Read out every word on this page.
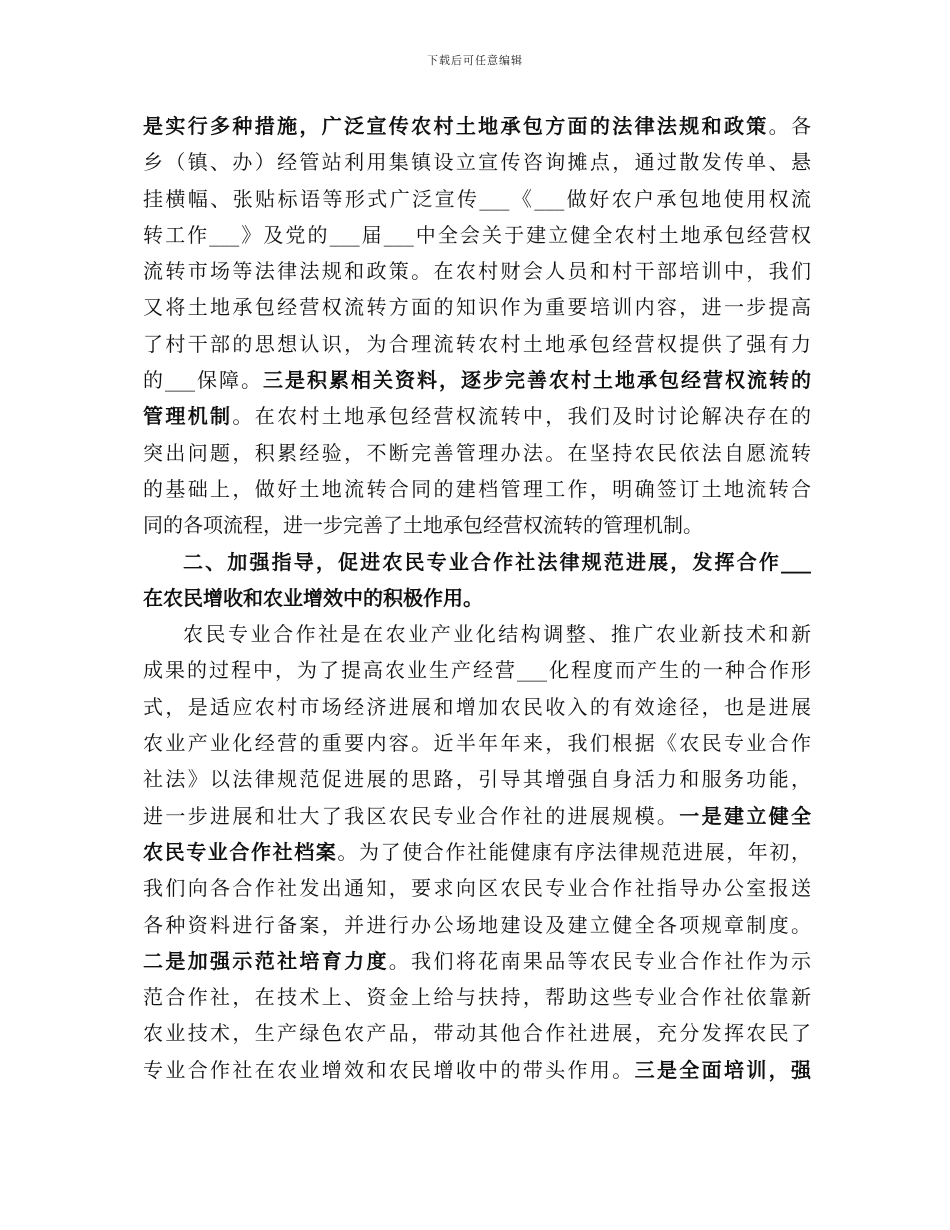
下载后可任意编辑
是实行多种措施，广泛宣传农村土地承包方面的法律法规和政策。各
乡（镇、办）经管站利用集镇设立宣传咨询摊点，通过散发传单、悬
挂横幅、张贴标语等形式广泛宣传___《___做好农户承包地使用权流
转工作___》及党的___届___中全会关于建立健全农村土地承包经营权
流转市场等法律法规和政策。在农村财会人员和村干部培训中，我们
又将土地承包经营权流转方面的知识作为重要培训内容，进一步提高
了村干部的思想认识，为合理流转农村土地承包经营权提供了强有力
的___保障。三是积累相关资料，逐步完善农村土地承包经营权流转的
管理机制。在农村土地承包经营权流转中，我们及时讨论解决存在的
突出问题，积累经验，不断完善管理办法。在坚持农民依法自愿流转
的基础上，做好土地流转合同的建档管理工作，明确签订土地流转合
同的各项流程，进一步完善了土地承包经营权流转的管理机制。
二、加强指导，促进农民专业合作社法律规范进展，发挥合作___
在农民增收和农业增效中的积极作用。
农民专业合作社是在农业产业化结构调整、推广农业新技术和新
成果的过程中，为了提高农业生产经营___化程度而产生的一种合作形
式，是适应农村市场经济进展和增加农民收入的有效途径，也是进展
农业产业化经营的重要内容。近半年年来，我们根据《农民专业合作
社法》以法律规范促进展的思路，引导其增强自身活力和服务功能，
进一步进展和壮大了我区农民专业合作社的进展规模。一是建立健全
农民专业合作社档案。为了使合作社能健康有序法律规范进展，年初，
我们向各合作社发出通知，要求向区农民专业合作社指导办公室报送
各种资料进行备案，并进行办公场地建设及建立健全各项规章制度。
二是加强示范社培育力度。我们将花南果品等农民专业合作社作为示
范合作社，在技术上、资金上给与扶持，帮助这些专业合作社依靠新
农业技术，生产绿色农产品，带动其他合作社进展，充分发挥农民了
专业合作社在农业增效和农民增收中的带头作用。三是全面培训，强
